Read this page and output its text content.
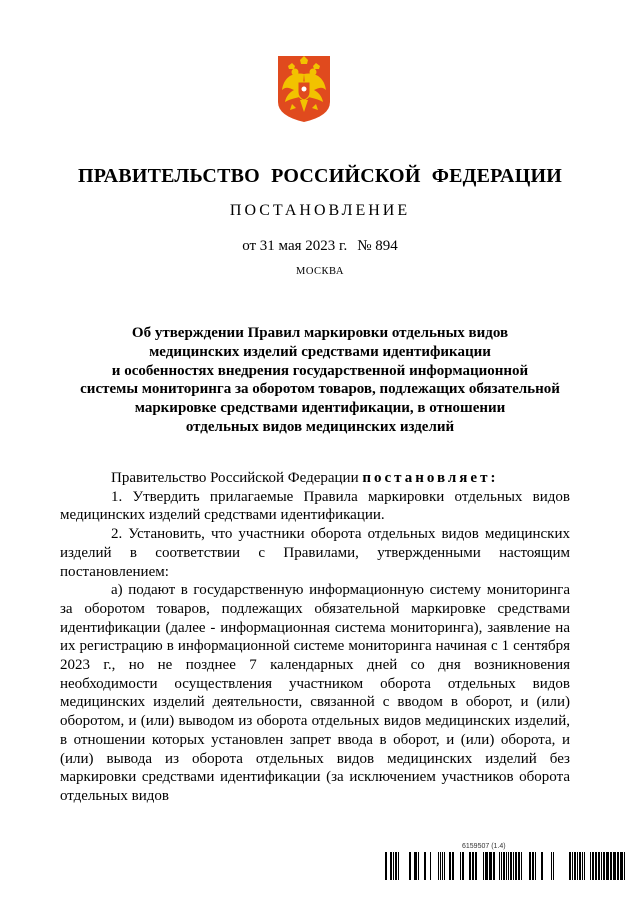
ПРАВИТЕЛЬСТВО РОССИЙСКОЙ ФЕДЕРАЦИИ
ПОСТАНОВЛЕНИЕ
от 31 мая 2023 г. № 894
МОСКВА
Об утверждении Правил маркировки отдельных видов
медицинских изделий средствами идентификации
и особенностях внедрения государственной информационной
системы мониторинга за оборотом товаров, подлежащих обязательной
маркировке средствами идентификации, в отношении
отдельных видов медицинских изделий

Правительство Российской Федерации постановляет:

1. Утвердить прилагаемые Правила маркировки отдельных видов медицинских изделий средствами идентификации.

2. Установить, что участники оборота отдельных видов медицинских изделий в соответствии с Правилами, утвержденными настоящим постановлением:

а) подают в государственную информационную систему мониторинга за оборотом товаров, подлежащих обязательной маркировке средствами идентификации (далее - информационная система мониторинга), заявление на их регистрацию в информационной системе мониторинга начиная с 1 сентября 2023 г., но не позднее 7 календарных дней со дня возникновения необходимости осуществления участником оборота отдельных видов медицинских изделий деятельности, связанной с вводом в оборот, и (или) оборотом, и (или) выводом из оборота отдельных видов медицинских изделий, в отношении которых установлен запрет ввода в оборот, и (или) оборота, и (или) вывода из оборота отдельных видов медицинских изделий без маркировки средствами идентификации (за исключением участников оборота отдельных видов

6159507 (1.4)
